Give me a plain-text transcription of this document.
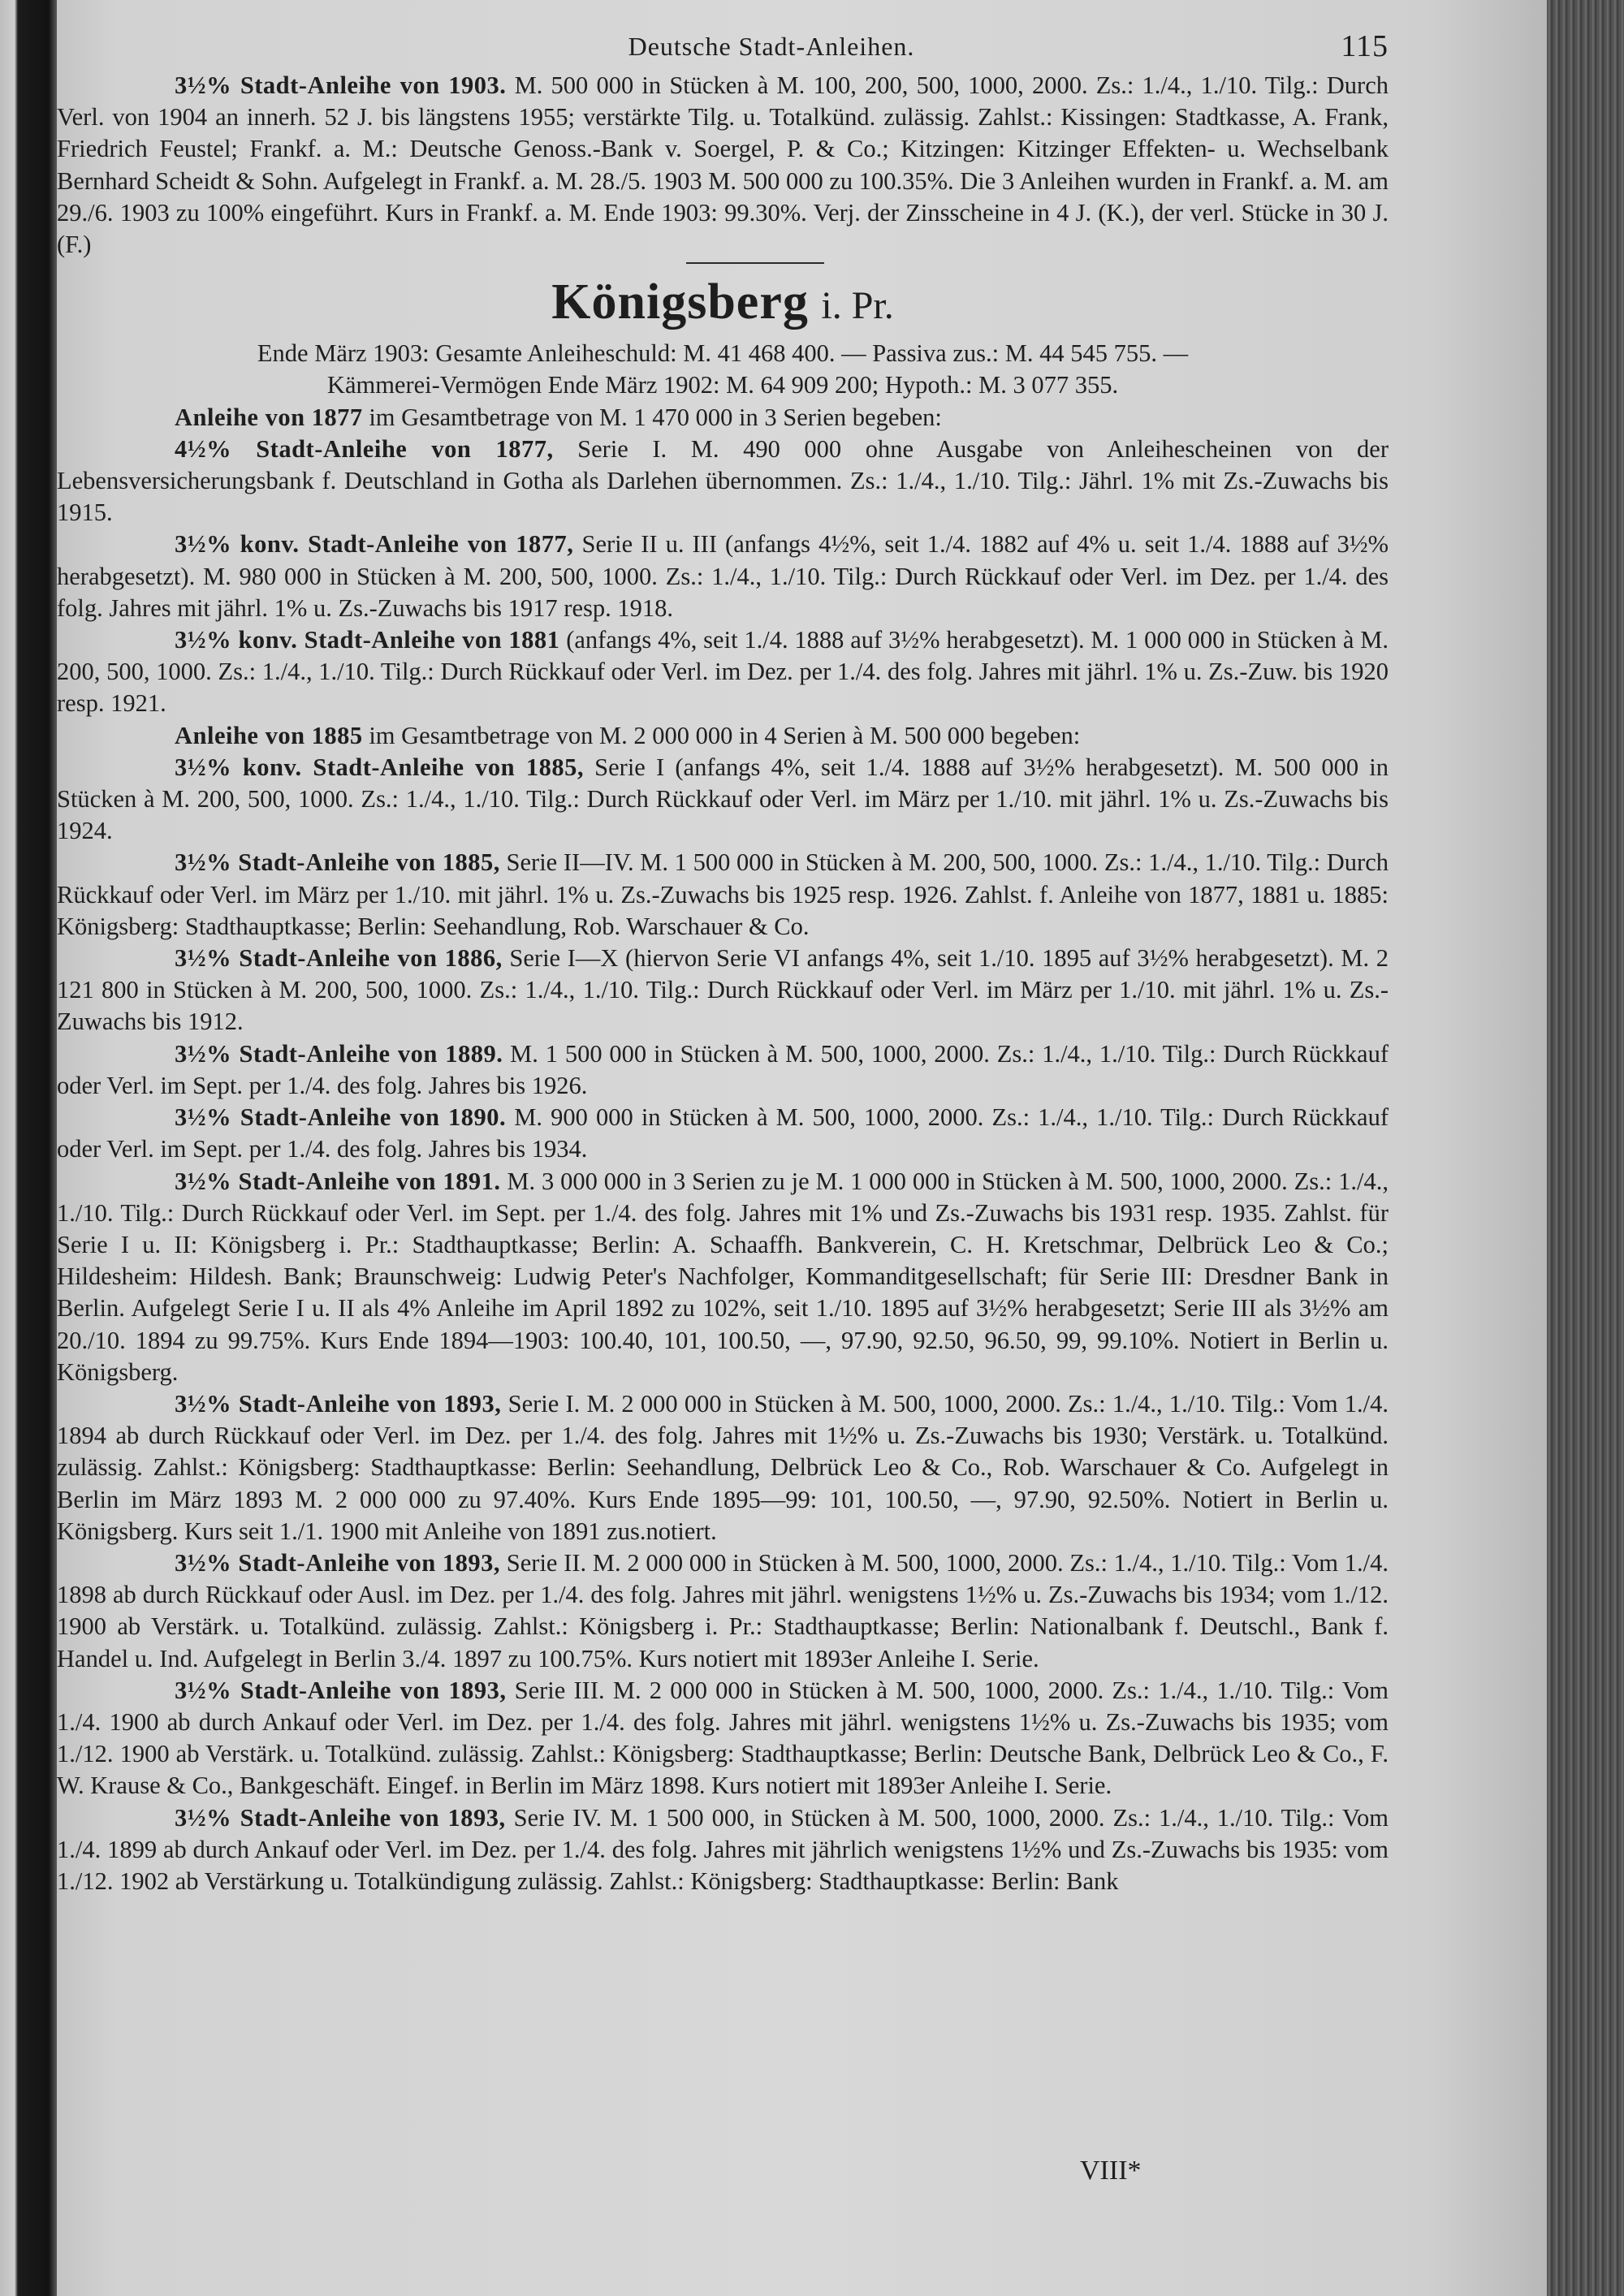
Deutsche Stadt-Anleihen.	115

3½% Stadt-Anleihe von 1903. M. 500 000 in Stücken à M. 100, 200, 500, 1000, 2000. Zs.: 1./4., 1./10. Tilg.: Durch Verl. von 1904 an innerh. 52 J. bis längstens 1955; verstärkte Tilg. u. Totalkünd. zulässig. Zahlst.: Kissingen: Stadtkasse, A. Frank, Friedrich Feustel; Frankf. a. M.: Deutsche Genoss.-Bank v. Soergel, P. & Co.; Kitzingen: Kitzinger Effekten- u. Wechselbank Bernhard Scheidt & Sohn. Aufgelegt in Frankf. a. M. 28./5. 1903 M. 500 000 zu 100.35%. Die 3 Anleihen wurden in Frankf. a. M. am 29./6. 1903 zu 100% eingeführt. Kurs in Frankf. a. M. Ende 1903: 99.30%. Verj. der Zinsscheine in 4 J. (K.), der verl. Stücke in 30 J. (F.)

Königsberg i. Pr.

Ende März 1903: Gesamte Anleiheschuld: M. 41 468 400. — Passiva zus.: M. 44 545 755. —

Kämmerei-Vermögen Ende März 1902: M. 64 909 200; Hypoth.: M. 3 077 355.

Anleihe von 1877 im Gesamtbetrage von M. 1 470 000 in 3 Serien begeben:

4½% Stadt-Anleihe von 1877, Serie I. M. 490 000 ohne Ausgabe von Anleihescheinen von der Lebensversicherungsbank f. Deutschland in Gotha als Darlehen übernommen. Zs.: 1./4., 1./10. Tilg.: Jährl. 1% mit Zs.-Zuwachs bis 1915.

3½% konv. Stadt-Anleihe von 1877, Serie II u. III (anfangs 4½%, seit 1./4. 1882 auf 4% u. seit 1./4. 1888 auf 3½% herabgesetzt). M. 980 000 in Stücken à M. 200, 500, 1000. Zs.: 1./4., 1./10. Tilg.: Durch Rückkauf oder Verl. im Dez. per 1./4. des folg. Jahres mit jährl. 1% u. Zs.-Zuwachs bis 1917 resp. 1918.

3½% konv. Stadt-Anleihe von 1881 (anfangs 4%, seit 1./4. 1888 auf 3½% herabgesetzt). M. 1 000 000 in Stücken à M. 200, 500, 1000. Zs.: 1./4., 1./10. Tilg.: Durch Rückkauf oder Verl. im Dez. per 1./4. des folg. Jahres mit jährl. 1% u. Zs.-Zuw. bis 1920 resp. 1921.

Anleihe von 1885 im Gesamtbetrage von M. 2 000 000 in 4 Serien à M. 500 000 begeben:

3½% konv. Stadt-Anleihe von 1885, Serie I (anfangs 4%, seit 1./4. 1888 auf 3½% herabgesetzt). M. 500 000 in Stücken à M. 200, 500, 1000. Zs.: 1./4., 1./10. Tilg.: Durch Rückkauf oder Verl. im März per 1./10. mit jährl. 1% u. Zs.-Zuwachs bis 1924.

3½% Stadt-Anleihe von 1885, Serie II—IV. M. 1 500 000 in Stücken à M. 200, 500, 1000. Zs.: 1./4., 1./10. Tilg.: Durch Rückkauf oder Verl. im März per 1./10. mit jährl. 1% u. Zs.-Zuwachs bis 1925 resp. 1926. Zahlst. f. Anleihe von 1877, 1881 u. 1885: Königsberg: Stadthauptkasse; Berlin: Seehandlung, Rob. Warschauer & Co.

3½% Stadt-Anleihe von 1886, Serie I—X (hiervon Serie VI anfangs 4%, seit 1./10. 1895 auf 3½% herabgesetzt). M. 2 121 800 in Stücken à M. 200, 500, 1000. Zs.: 1./4., 1./10. Tilg.: Durch Rückkauf oder Verl. im März per 1./10. mit jährl. 1% u. Zs.-Zuwachs bis 1912.

3½% Stadt-Anleihe von 1889. M. 1 500 000 in Stücken à M. 500, 1000, 2000. Zs.: 1./4., 1./10. Tilg.: Durch Rückkauf oder Verl. im Sept. per 1./4. des folg. Jahres bis 1926.

3½% Stadt-Anleihe von 1890. M. 900 000 in Stücken à M. 500, 1000, 2000. Zs.: 1./4., 1./10. Tilg.: Durch Rückkauf oder Verl. im Sept. per 1./4. des folg. Jahres bis 1934.

3½% Stadt-Anleihe von 1891. M. 3 000 000 in 3 Serien zu je M. 1 000 000 in Stücken à M. 500, 1000, 2000. Zs.: 1./4., 1./10. Tilg.: Durch Rückkauf oder Verl. im Sept. per 1./4. des folg. Jahres mit 1% und Zs.-Zuwachs bis 1931 resp. 1935. Zahlst. für Serie I u. II: Königsberg i. Pr.: Stadthauptkasse; Berlin: A. Schaaffh. Bankverein, C. H. Kretschmar, Delbrück Leo & Co.; Hildesheim: Hildesh. Bank; Braunschweig: Ludwig Peter's Nachfolger, Kommanditgesellschaft; für Serie III: Dresdner Bank in Berlin. Aufgelegt Serie I u. II als 4% Anleihe im April 1892 zu 102%, seit 1./10. 1895 auf 3½% herabgesetzt; Serie III als 3½% am 20./10. 1894 zu 99.75%. Kurs Ende 1894—1903: 100.40, 101, 100.50, —, 97.90, 92.50, 96.50, 99, 99.10%. Notiert in Berlin u. Königsberg.

3½% Stadt-Anleihe von 1893, Serie I. M. 2 000 000 in Stücken à M. 500, 1000, 2000. Zs.: 1./4., 1./10. Tilg.: Vom 1./4. 1894 ab durch Rückkauf oder Verl. im Dez. per 1./4. des folg. Jahres mit 1½% u. Zs.-Zuwachs bis 1930; Verstärk. u. Totalkünd. zulässig. Zahlst.: Königsberg: Stadthauptkasse: Berlin: Seehandlung, Delbrück Leo & Co., Rob. Warschauer & Co. Aufgelegt in Berlin im März 1893 M. 2 000 000 zu 97.40%. Kurs Ende 1895—99: 101, 100.50, —, 97.90, 92.50%. Notiert in Berlin u. Königsberg. Kurs seit 1./1. 1900 mit Anleihe von 1891 zus.notiert.

3½% Stadt-Anleihe von 1893, Serie II. M. 2 000 000 in Stücken à M. 500, 1000, 2000. Zs.: 1./4., 1./10. Tilg.: Vom 1./4. 1898 ab durch Rückkauf oder Ausl. im Dez. per 1./4. des folg. Jahres mit jährl. wenigstens 1½% u. Zs.-Zuwachs bis 1934; vom 1./12. 1900 ab Verstärk. u. Totalkünd. zulässig. Zahlst.: Königsberg i. Pr.: Stadthauptkasse; Berlin: Nationalbank f. Deutschl., Bank f. Handel u. Ind. Aufgelegt in Berlin 3./4. 1897 zu 100.75%. Kurs notiert mit 1893er Anleihe I. Serie.

3½% Stadt-Anleihe von 1893, Serie III. M. 2 000 000 in Stücken à M. 500, 1000, 2000. Zs.: 1./4., 1./10. Tilg.: Vom 1./4. 1900 ab durch Ankauf oder Verl. im Dez. per 1./4. des folg. Jahres mit jährl. wenigstens 1½% u. Zs.-Zuwachs bis 1935; vom 1./12. 1900 ab Verstärk. u. Totalkünd. zulässig. Zahlst.: Königsberg: Stadthauptkasse; Berlin: Deutsche Bank, Delbrück Leo & Co., F. W. Krause & Co., Bankgeschäft. Eingef. in Berlin im März 1898. Kurs notiert mit 1893er Anleihe I. Serie.

3½% Stadt-Anleihe von 1893, Serie IV. M. 1 500 000, in Stücken à M. 500, 1000, 2000. Zs.: 1./4., 1./10. Tilg.: Vom 1./4. 1899 ab durch Ankauf oder Verl. im Dez. per 1./4. des folg. Jahres mit jährlich wenigstens 1½% und Zs.-Zuwachs bis 1935: vom 1./12. 1902 ab Verstärkung u. Totalkündigung zulässig. Zahlst.: Königsberg: Stadthauptkasse: Berlin: Bank

VIII*
